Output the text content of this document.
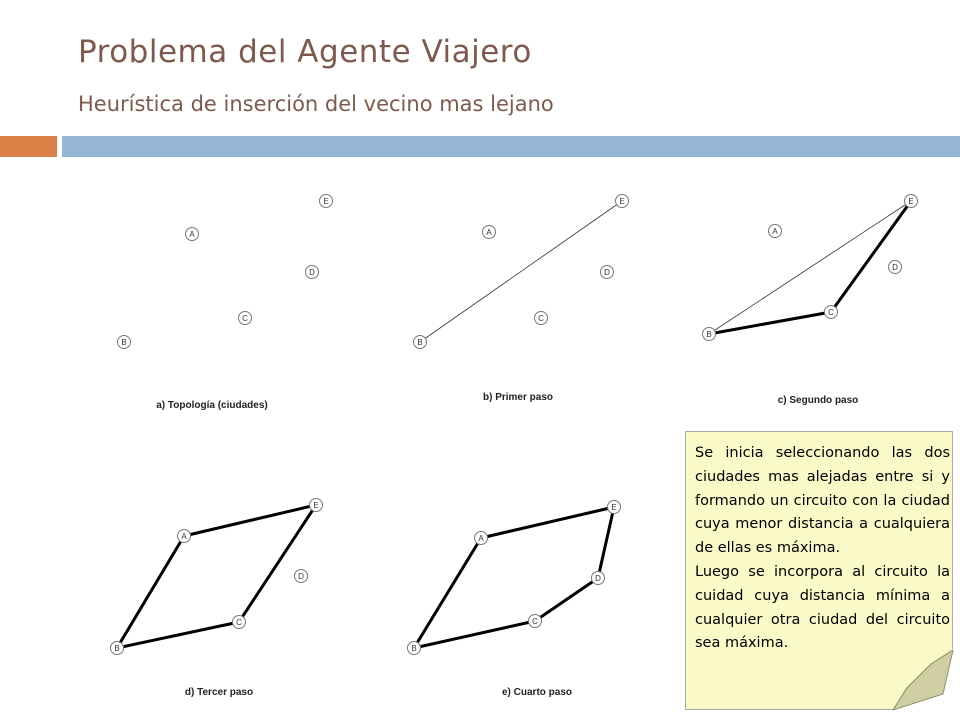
Problema del Agente Viajero
Heurística de inserción del vecino mas lejano
E
A
D
C
B
a) Topología (ciudades)
E
A
D
C
B
b) Primer paso
E
A
D
C
B
c) Segundo paso
E
A
D
C
B
d) Tercer paso
E
A
D
C
B
e) Cuarto paso
Se inicia seleccionando las dos ciudades mas alejadas entre si y formando un circuito con la ciudad cuya menor distancia a cualquiera de ellas es máxima.
Luego se incorpora al circuito la cuidad cuya distancia mínima a cualquier otra ciudad del circuito sea máxima.
